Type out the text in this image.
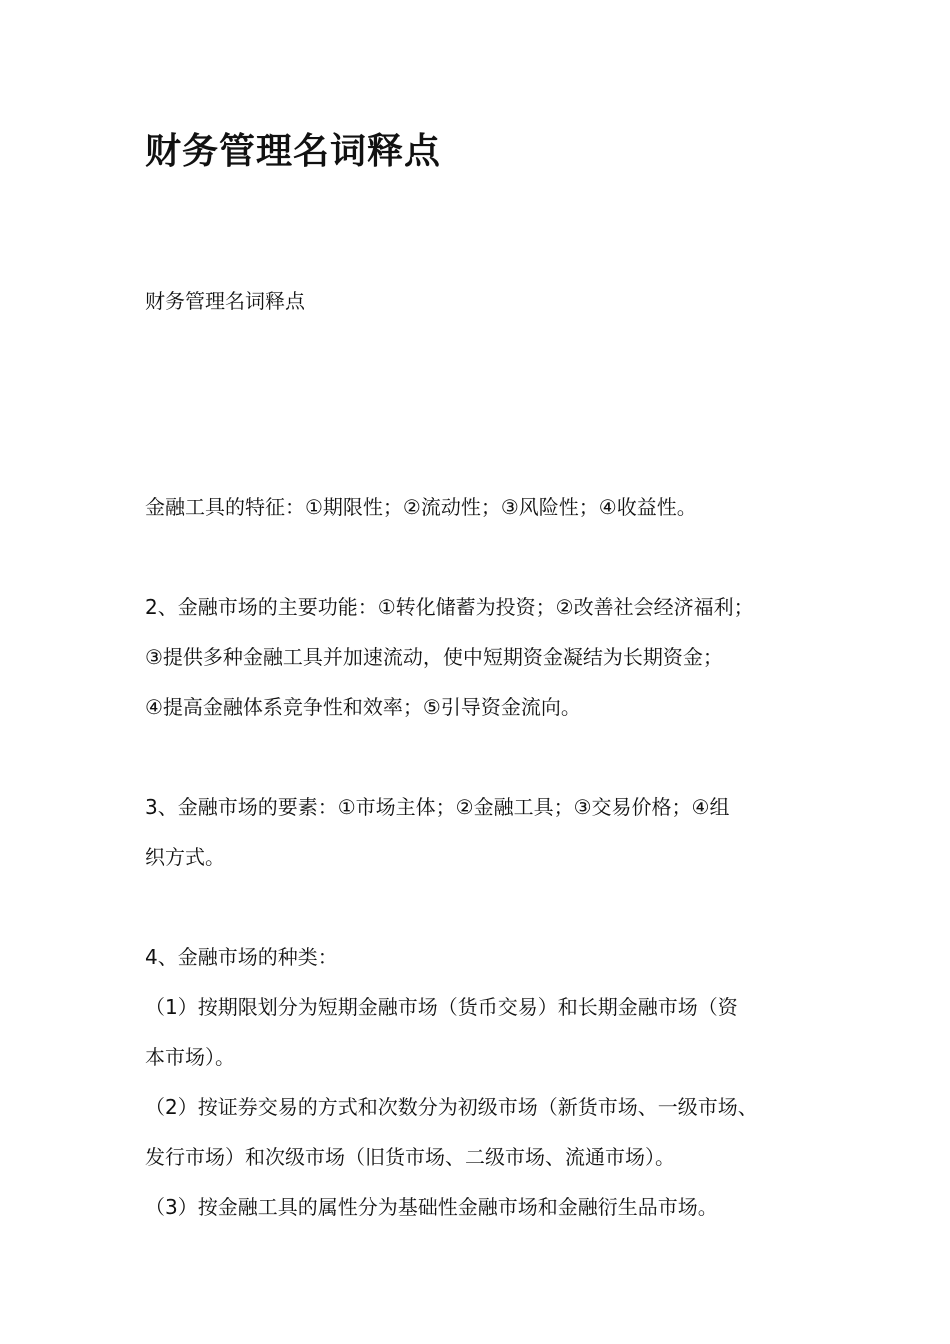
财务管理名词释点

财务管理名词释点

金融工具的特征：①期限性；②流动性；③风险性；④收益性。

2、金融市场的主要功能：①转化储蓄为投资；②改善社会经济福利；

③提供多种金融工具并加速流动，使中短期资金凝结为长期资金；

④提高金融体系竞争性和效率；⑤引导资金流向。

3、金融市场的要素：①市场主体；②金融工具；③交易价格；④组

织方式。

4、金融市场的种类：

（1）按期限划分为短期金融市场（货币交易）和长期金融市场（资

本市场）。

（2）按证券交易的方式和次数分为初级市场（新货市场、一级市场、

发行市场）和次级市场（旧货市场、二级市场、流通市场）。

（3）按金融工具的属性分为基础性金融市场和金融衍生品市场。
